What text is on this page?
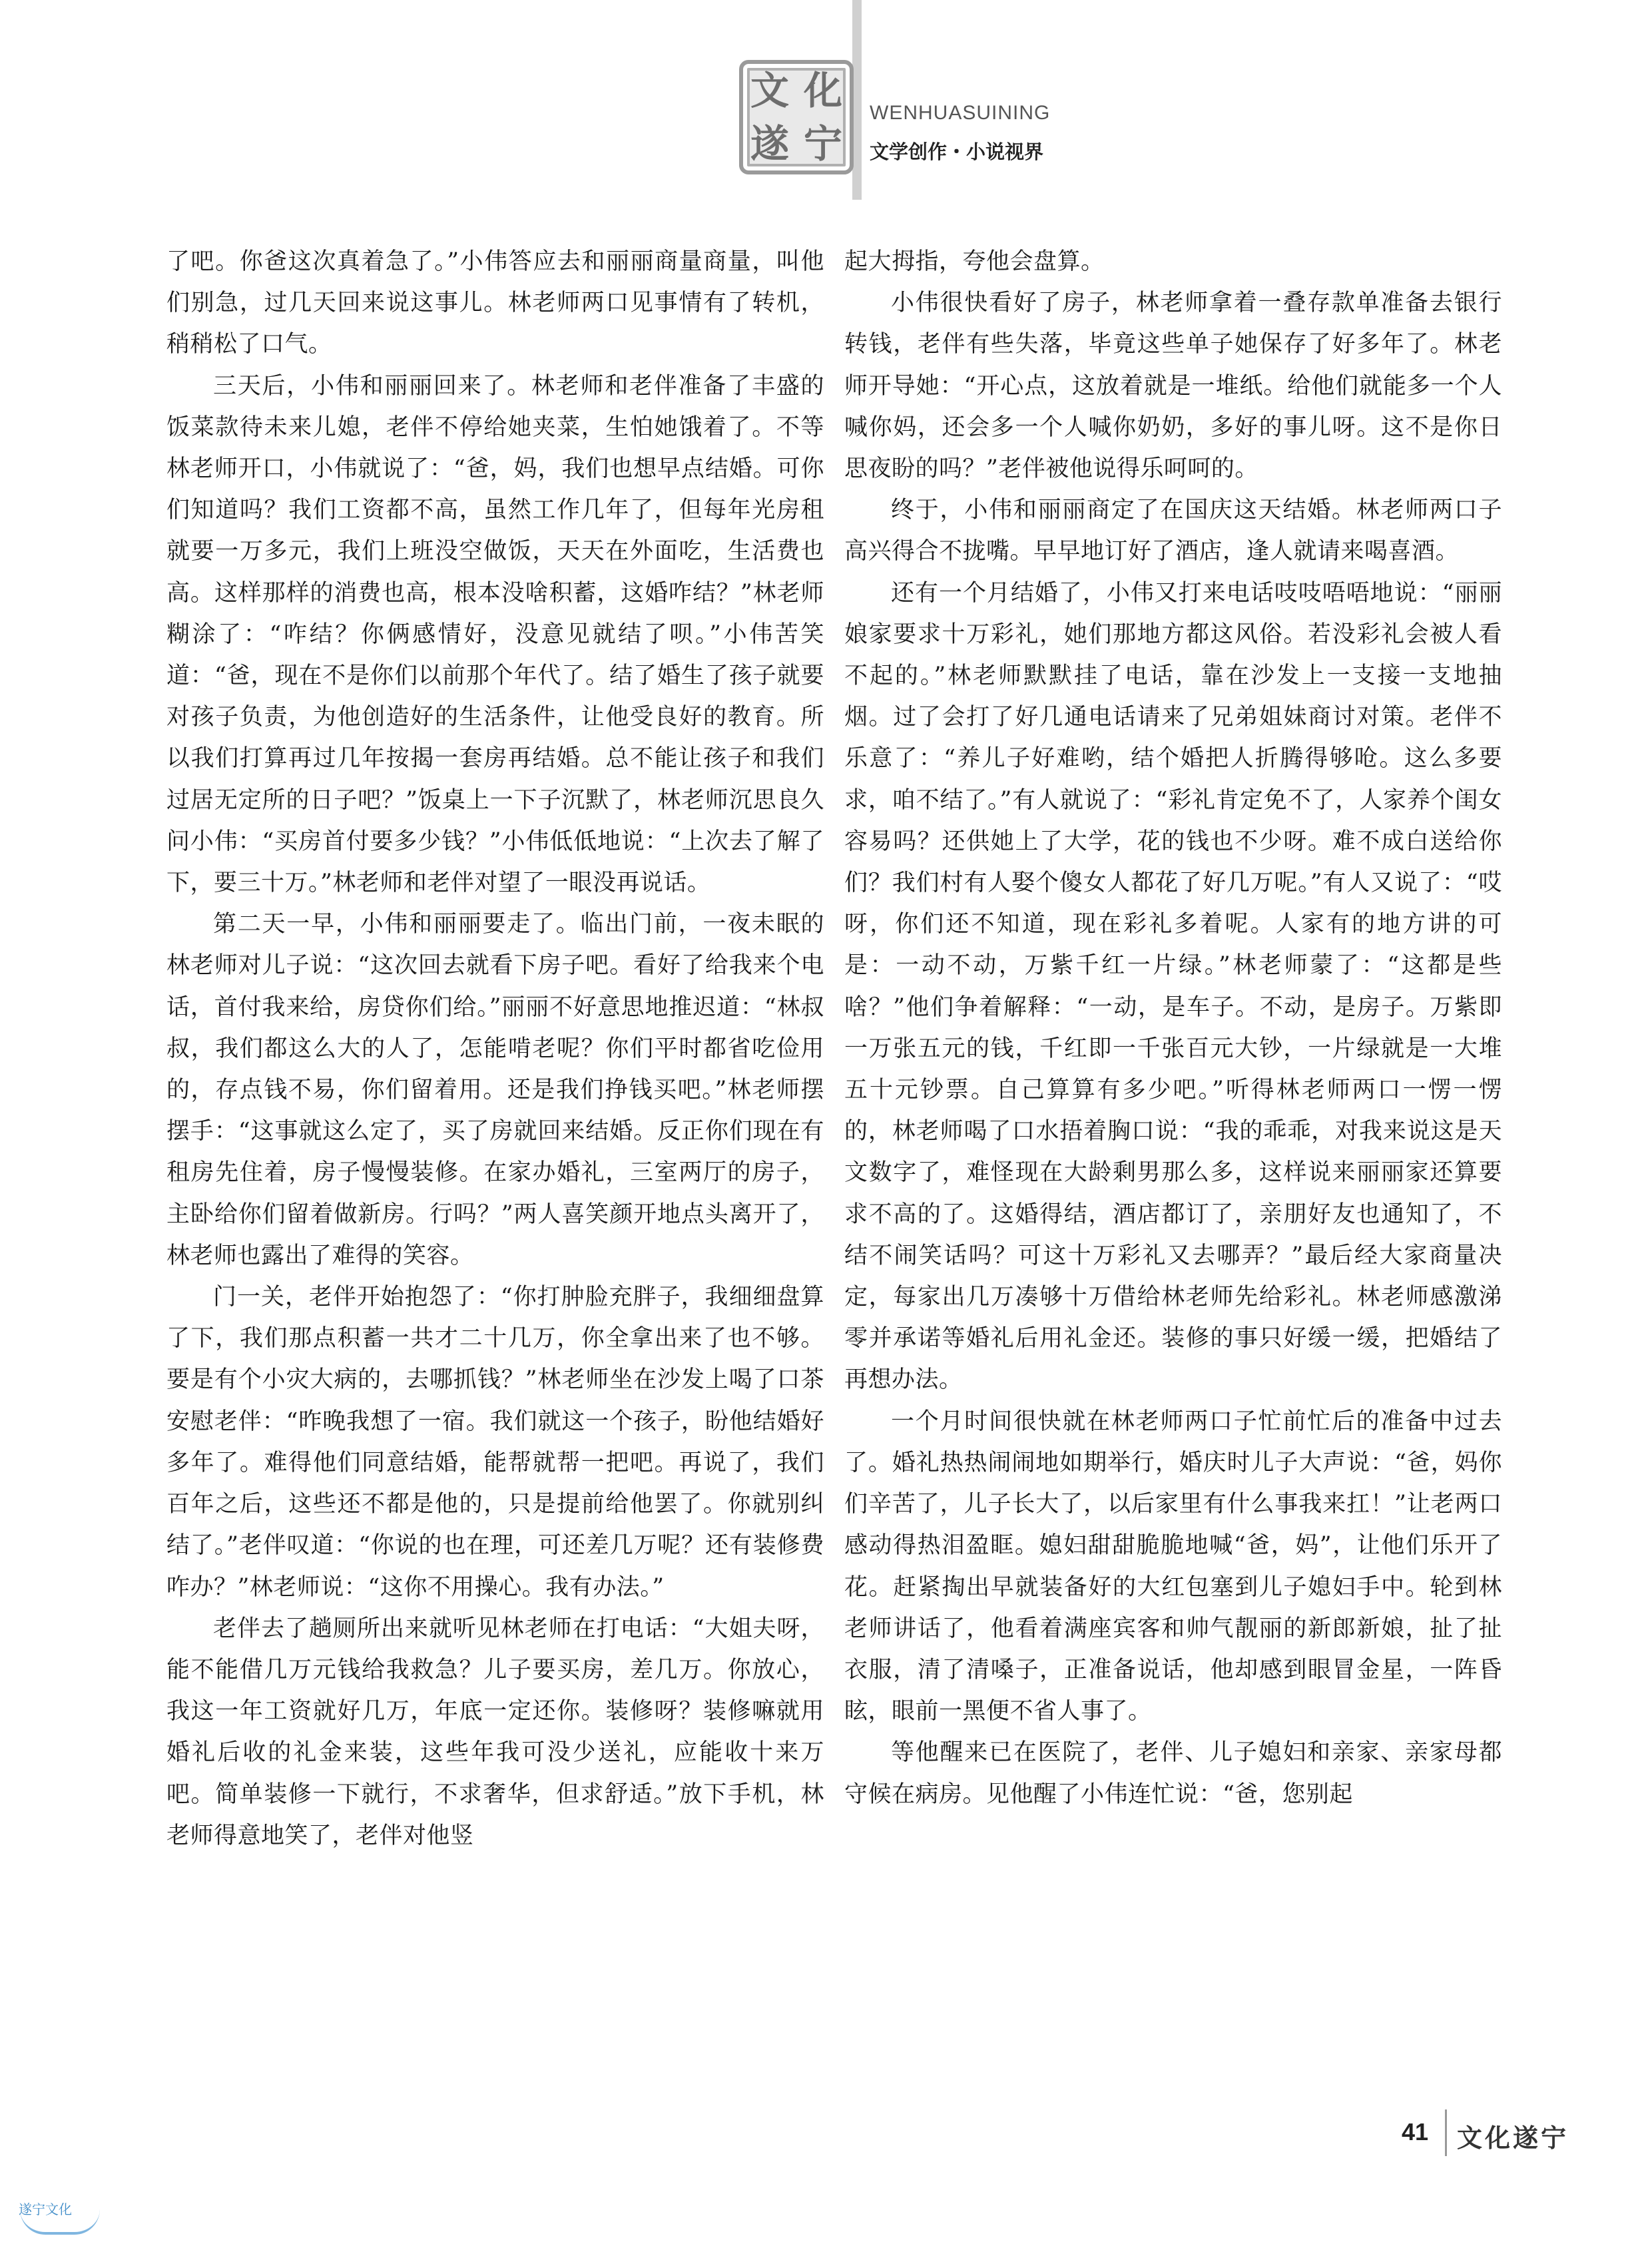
文 化
遂 宁
WENHUASUINING
文学创作・小说视界

了吧。你爸这次真着急了。”小伟答应去和丽丽商量商量，叫他们别急，过几天回来说这事儿。林老师两口见事情有了转机，稍稍松了口气。

三天后，小伟和丽丽回来了。林老师和老伴准备了丰盛的饭菜款待未来儿媳，老伴不停给她夹菜，生怕她饿着了。不等林老师开口，小伟就说了：“爸，妈，我们也想早点结婚。可你们知道吗？我们工资都不高，虽然工作几年了，但每年光房租就要一万多元，我们上班没空做饭，天天在外面吃，生活费也高。这样那样的消费也高，根本没啥积蓄，这婚咋结？”林老师糊涂了：“咋结？你俩感情好，没意见就结了呗。”小伟苦笑道：“爸，现在不是你们以前那个年代了。结了婚生了孩子就要对孩子负责，为他创造好的生活条件，让他受良好的教育。所以我们打算再过几年按揭一套房再结婚。总不能让孩子和我们过居无定所的日子吧？”饭桌上一下子沉默了，林老师沉思良久问小伟：“买房首付要多少钱？”小伟低低地说：“上次去了解了下，要三十万。”林老师和老伴对望了一眼没再说话。

第二天一早，小伟和丽丽要走了。临出门前，一夜未眠的林老师对儿子说：“这次回去就看下房子吧。看好了给我来个电话，首付我来给，房贷你们给。”丽丽不好意思地推迟道：“林叔叔，我们都这么大的人了，怎能啃老呢？你们平时都省吃俭用的，存点钱不易，你们留着用。还是我们挣钱买吧。”林老师摆摆手：“这事就这么定了，买了房就回来结婚。反正你们现在有租房先住着，房子慢慢装修。在家办婚礼，三室两厅的房子，主卧给你们留着做新房。行吗？”两人喜笑颜开地点头离开了，林老师也露出了难得的笑容。

门一关，老伴开始抱怨了：“你打肿脸充胖子，我细细盘算了下，我们那点积蓄一共才二十几万，你全拿出来了也不够。要是有个小灾大病的，去哪抓钱？”林老师坐在沙发上喝了口茶安慰老伴：“昨晚我想了一宿。我们就这一个孩子，盼他结婚好多年了。难得他们同意结婚，能帮就帮一把吧。再说了，我们百年之后，这些还不都是他的，只是提前给他罢了。你就别纠结了。”老伴叹道：“你说的也在理，可还差几万呢？还有装修费咋办？”林老师说：“这你不用操心。我有办法。”

老伴去了趟厕所出来就听见林老师在打电话：“大姐夫呀，能不能借几万元钱给我救急？儿子要买房，差几万。你放心，我这一年工资就好几万，年底一定还你。装修呀？装修嘛就用婚礼后收的礼金来装，这些年我可没少送礼，应能收十来万吧。简单装修一下就行，不求奢华，但求舒适。”放下手机，林老师得意地笑了，老伴对他竖

起大拇指，夸他会盘算。

小伟很快看好了房子，林老师拿着一叠存款单准备去银行转钱，老伴有些失落，毕竟这些单子她保存了好多年了。林老师开导她：“开心点，这放着就是一堆纸。给他们就能多一个人喊你妈，还会多一个人喊你奶奶，多好的事儿呀。这不是你日思夜盼的吗？”老伴被他说得乐呵呵的。

终于，小伟和丽丽商定了在国庆这天结婚。林老师两口子高兴得合不拢嘴。早早地订好了酒店，逢人就请来喝喜酒。

还有一个月结婚了，小伟又打来电话吱吱唔唔地说：“丽丽娘家要求十万彩礼，她们那地方都这风俗。若没彩礼会被人看不起的。”林老师默默挂了电话，靠在沙发上一支接一支地抽烟。过了会打了好几通电话请来了兄弟姐妹商讨对策。老伴不乐意了：“养儿子好难哟，结个婚把人折腾得够呛。这么多要求，咱不结了。”有人就说了：“彩礼肯定免不了，人家养个闺女容易吗？还供她上了大学，花的钱也不少呀。难不成白送给你们？我们村有人娶个傻女人都花了好几万呢。”有人又说了：“哎呀，你们还不知道，现在彩礼多着呢。人家有的地方讲的可是：一动不动，万紫千红一片绿。”林老师蒙了：“这都是些啥？”他们争着解释：“一动，是车子。不动，是房子。万紫即一万张五元的钱，千红即一千张百元大钞，一片绿就是一大堆五十元钞票。自己算算有多少吧。”听得林老师两口一愣一愣的，林老师喝了口水捂着胸口说：“我的乖乖，对我来说这是天文数字了，难怪现在大龄剩男那么多，这样说来丽丽家还算要求不高的了。这婚得结，酒店都订了，亲朋好友也通知了，不结不闹笑话吗？可这十万彩礼又去哪弄？”最后经大家商量决定，每家出几万凑够十万借给林老师先给彩礼。林老师感激涕零并承诺等婚礼后用礼金还。装修的事只好缓一缓，把婚结了再想办法。

一个月时间很快就在林老师两口子忙前忙后的准备中过去了。婚礼热热闹闹地如期举行，婚庆时儿子大声说：“爸，妈你们辛苦了，儿子长大了，以后家里有什么事我来扛！”让老两口感动得热泪盈眶。媳妇甜甜脆脆地喊“爸，妈”，让他们乐开了花。赶紧掏出早就装备好的大红包塞到儿子媳妇手中。轮到林老师讲话了，他看着满座宾客和帅气靓丽的新郎新娘，扯了扯衣服，清了清嗓子，正准备说话，他却感到眼冒金星，一阵昏眩，眼前一黑便不省人事了。

等他醒来已在医院了，老伴、儿子媳妇和亲家、亲家母都守候在病房。见他醒了小伟连忙说：“爸，您别起

41 文化遂宁
遂宁文化
